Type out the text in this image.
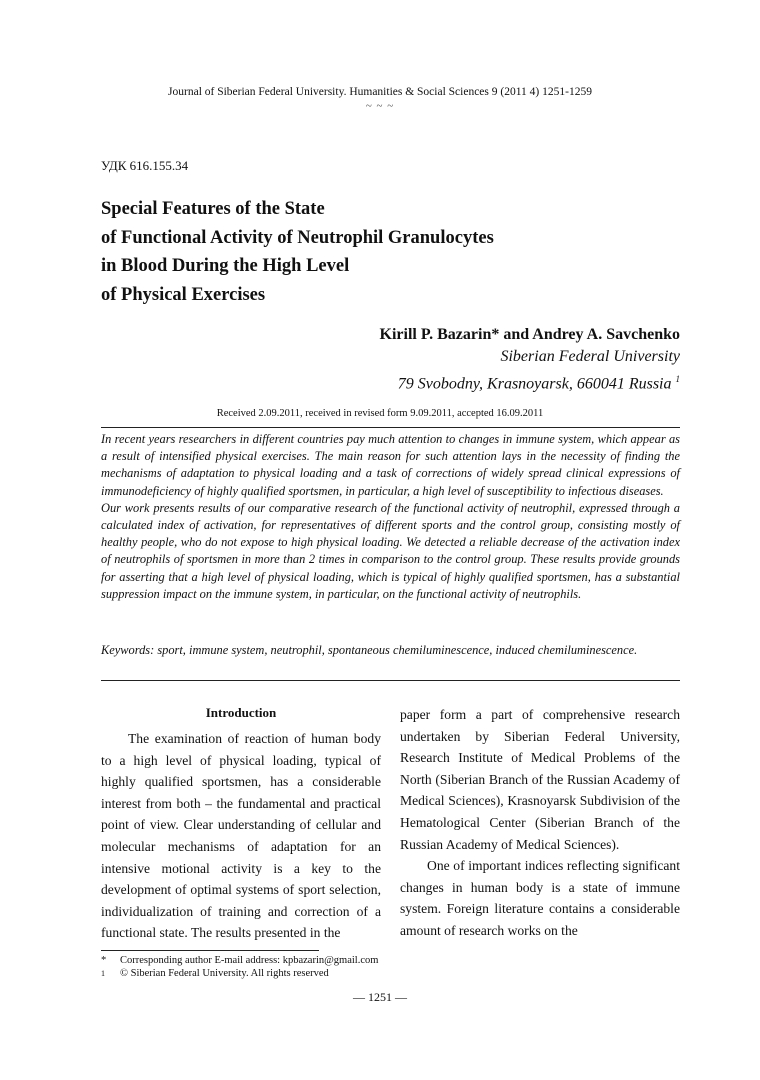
Journal of Siberian Federal University. Humanities & Social Sciences 9 (2011 4) 1251-1259
~ ~ ~
УДК 616.155.34
Special Features of the State
of Functional Activity of Neutrophil Granulocytes
in Blood During the High Level
of Physical Exercises
Kirill P. Bazarin* and Andrey A. Savchenko
Siberian Federal University
79 Svobodny, Krasnoyarsk, 660041 Russia $^1$
Received 2.09.2011, received in revised form 9.09.2011, accepted 16.09.2011

In recent years researchers in different countries pay much attention to changes in immune system, which appear as a result of intensified physical exercises. The main reason for such attention lays in the necessity of finding the mechanisms of adaptation to physical loading and a task of corrections of widely spread clinical expressions of immunodeficiency of highly qualified sportsmen, in particular, a high level of susceptibility to infectious diseases.

Our work presents results of our comparative research of the functional activity of neutrophil, expressed through a calculated index of activation, for representatives of different sports and the control group, consisting mostly of healthy people, who do not expose to high physical loading. We detected a reliable decrease of the activation index of neutrophils of sportsmen in more than 2 times in comparison to the control group. These results provide grounds for asserting that a high level of physical loading, which is typical of highly qualified sportsmen, has a substantial suppression impact on the immune system, in particular, on the functional activity of neutrophils.

Keywords: sport, immune system, neutrophil, spontaneous chemiluminescence, induced chemiluminescence.
Introduction

The examination of reaction of human body to a high level of physical loading, typical of highly qualified sportsmen, has a considerable interest from both – the fundamental and practical point of view. Clear understanding of cellular and molecular mechanisms of adaptation for an intensive motional activity is a key to the development of optimal systems of sport selection, individualization of training and correction of a functional state. The results presented in the

paper form a part of comprehensive research undertaken by Siberian Federal University, Research Institute of Medical Problems of the North (Siberian Branch of the Russian Academy of Medical Sciences), Krasnoyarsk Subdivision of the Hematological Center (Siberian Branch of the Russian Academy of Medical Sciences).

One of important indices reflecting significant changes in human body is a state of immune system. Foreign literature contains a considerable amount of research works on the

* Corresponding author E-mail address: kpbazarin@gmail.com
1 © Siberian Federal University. All rights reserved
— 1251 —
